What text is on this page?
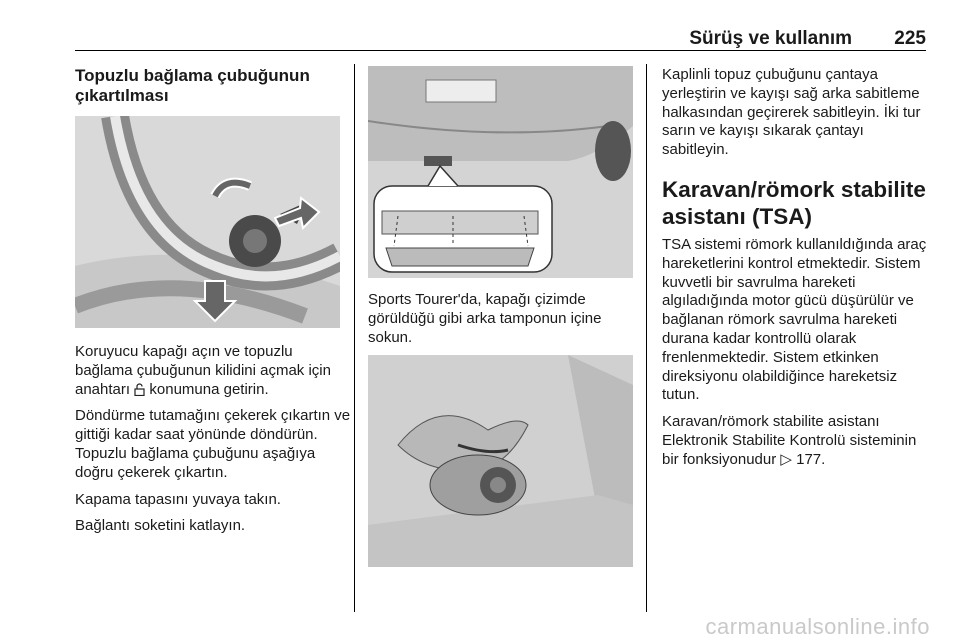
Sürüş ve kullanım 225
Topuzlu bağlama çubuğunun
çıkartılması

Koruyucu kapağı açın ve topuzlu bağlama çubuğunun kilidini açmak için anahtarı  konumuna getirin.

Döndürme tutamağını çekerek çıkartın ve gittiği kadar saat yönünde döndürün. Topuzlu bağlama çubuğunu aşağıya doğru çekerek çıkartın.

Kapama tapasını yuvaya takın.

Bağlantı soketini katlayın.

Sports Tourer'da, kapağı çizimde görüldüğü gibi arka tamponun içine sokun.

Kaplinli topuz çubuğunu çantaya yerleştirin ve kayışı sağ arka sabitleme halkasından geçirerek sabitleyin. İki tur sarın ve kayışı sıkarak çantayı sabitleyin.

Karavan/römork stabilite
asistanı (TSA)

TSA sistemi römork kullanıldığında araç hareketlerini kontrol etmektedir. Sistem kuvvetli bir savrulma hareketi algıladığında motor gücü düşürülür ve bağlanan römork savrulma hareketi durana kadar kontrollü olarak frenlenmektedir. Sistem etkinken direksiyonu olabildiğince hareketsiz tutun.

Karavan/römork stabilite asistanı Elektronik Stabilite Kontrolü sisteminin bir fonksiyonudur ▷ 177.

carmanualsonline.info
